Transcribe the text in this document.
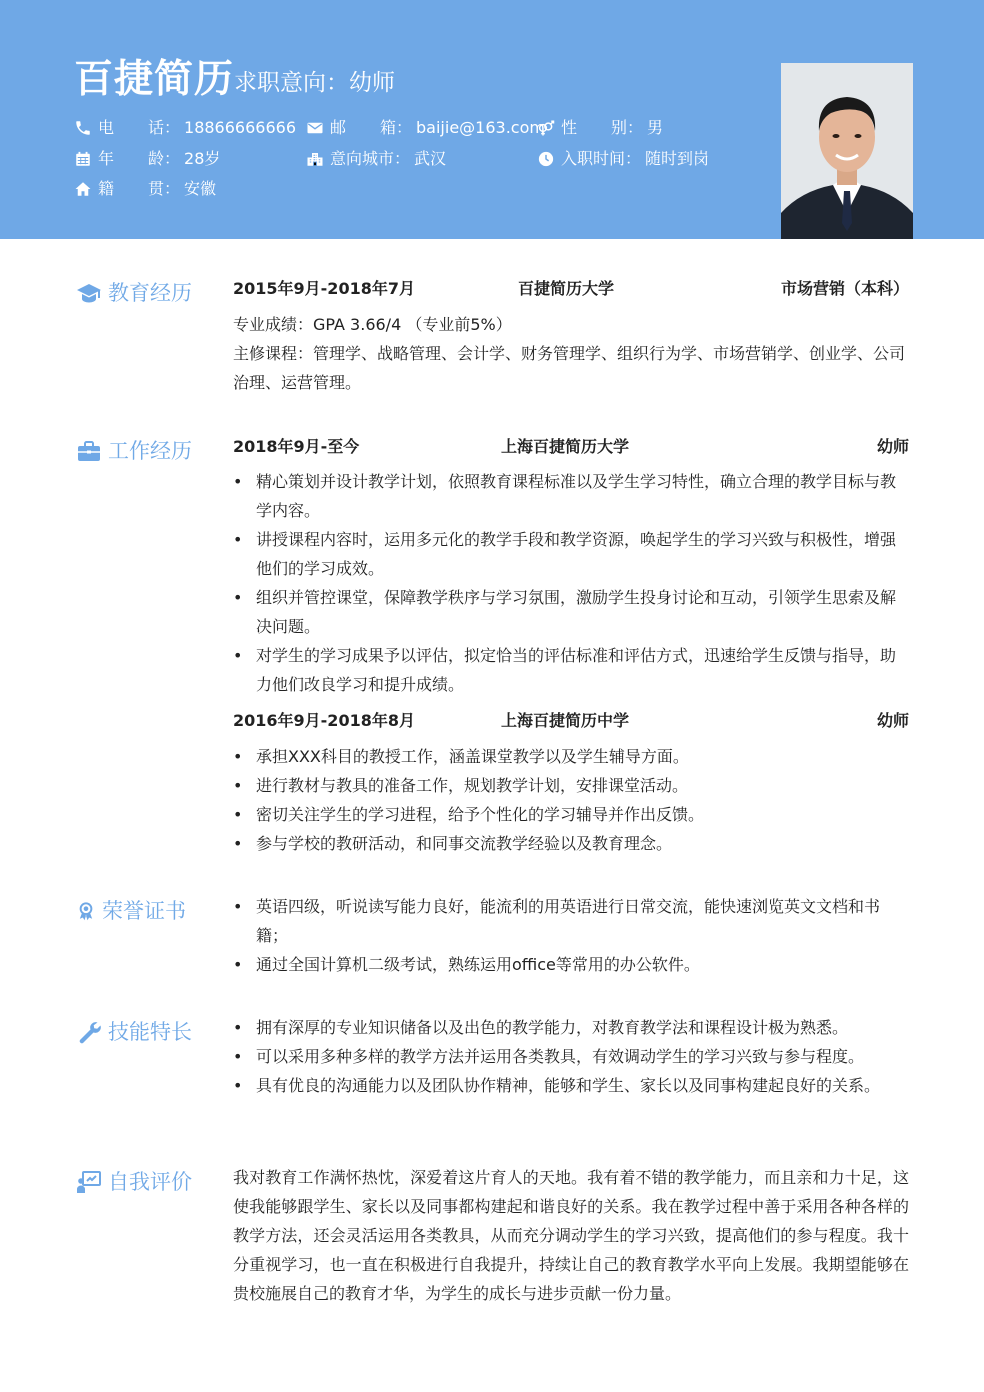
百捷简历 求职意向：幼师
电　　话 ： 18866666666 邮　　箱 ： baijie@163.com 性　　别 ： 男
年　　龄 ： 28岁	意向城市 ： 武汉	入职时间 ： 随时到岗
籍　　贯 ： 安徽
教育经历	2015年9月-2018年7月	百捷简历大学	市场营销（本科）
专业成绩：GPA 3.66/4 （专业前5%）
主修课程：管理学、战略管理、会计学、财务管理学、组织行为学、市场营销学、创业学、公司治理、运营管理。
工作经历	2018年9月-至今	上海百捷简历大学	幼师
• 精心策划并设计教学计划，依照教育课程标准以及学生学习特性，确立合理的教学目标与教学内容。
• 讲授课程内容时，运用多元化的教学手段和教学资源，唤起学生的学习兴致与积极性，增强他们的学习成效。
• 组织并管控课堂，保障教学秩序与学习氛围，激励学生投身讨论和互动，引领学生思索及解决问题。
• 对学生的学习成果予以评估，拟定恰当的评估标准和评估方式，迅速给学生反馈与指导，助力他们改良学习和提升成绩。
2016年9月-2018年8月	上海百捷简历中学	幼师
• 承担XXX科目的教授工作，涵盖课堂教学以及学生辅导方面。
• 进行教材与教具的准备工作，规划教学计划，安排课堂活动。
• 密切关注学生的学习进程，给予个性化的学习辅导并作出反馈。
• 参与学校的教研活动，和同事交流教学经验以及教育理念。
荣誉证书	• 英语四级，听说读写能力良好，能流利的用英语进行日常交流，能快速浏览英文文档和书籍；
• 通过全国计算机二级考试，熟练运用office等常用的办公软件。
技能特长	• 拥有深厚的专业知识储备以及出色的教学能力，对教育教学法和课程设计极为熟悉。
• 可以采用多种多样的教学方法并运用各类教具，有效调动学生的学习兴致与参与程度。
• 具有优良的沟通能力以及团队协作精神，能够和学生、家长以及同事构建起良好的关系。
自我评价	我对教育工作满怀热忱，深爱着这片育人的天地。我有着不错的教学能力，而且亲和力十足，这使我能够跟学生、家长以及同事都构建起和谐良好的关系。我在教学过程中善于采用各种各样的教学方法，还会灵活运用各类教具，从而充分调动学生的学习兴致，提高他们的参与程度。我十分重视学习，也一直在积极进行自我提升，持续让自己的教育教学水平向上发展。我期望能够在贵校施展自己的教育才华，为学生的成长与进步贡献一份力量。
